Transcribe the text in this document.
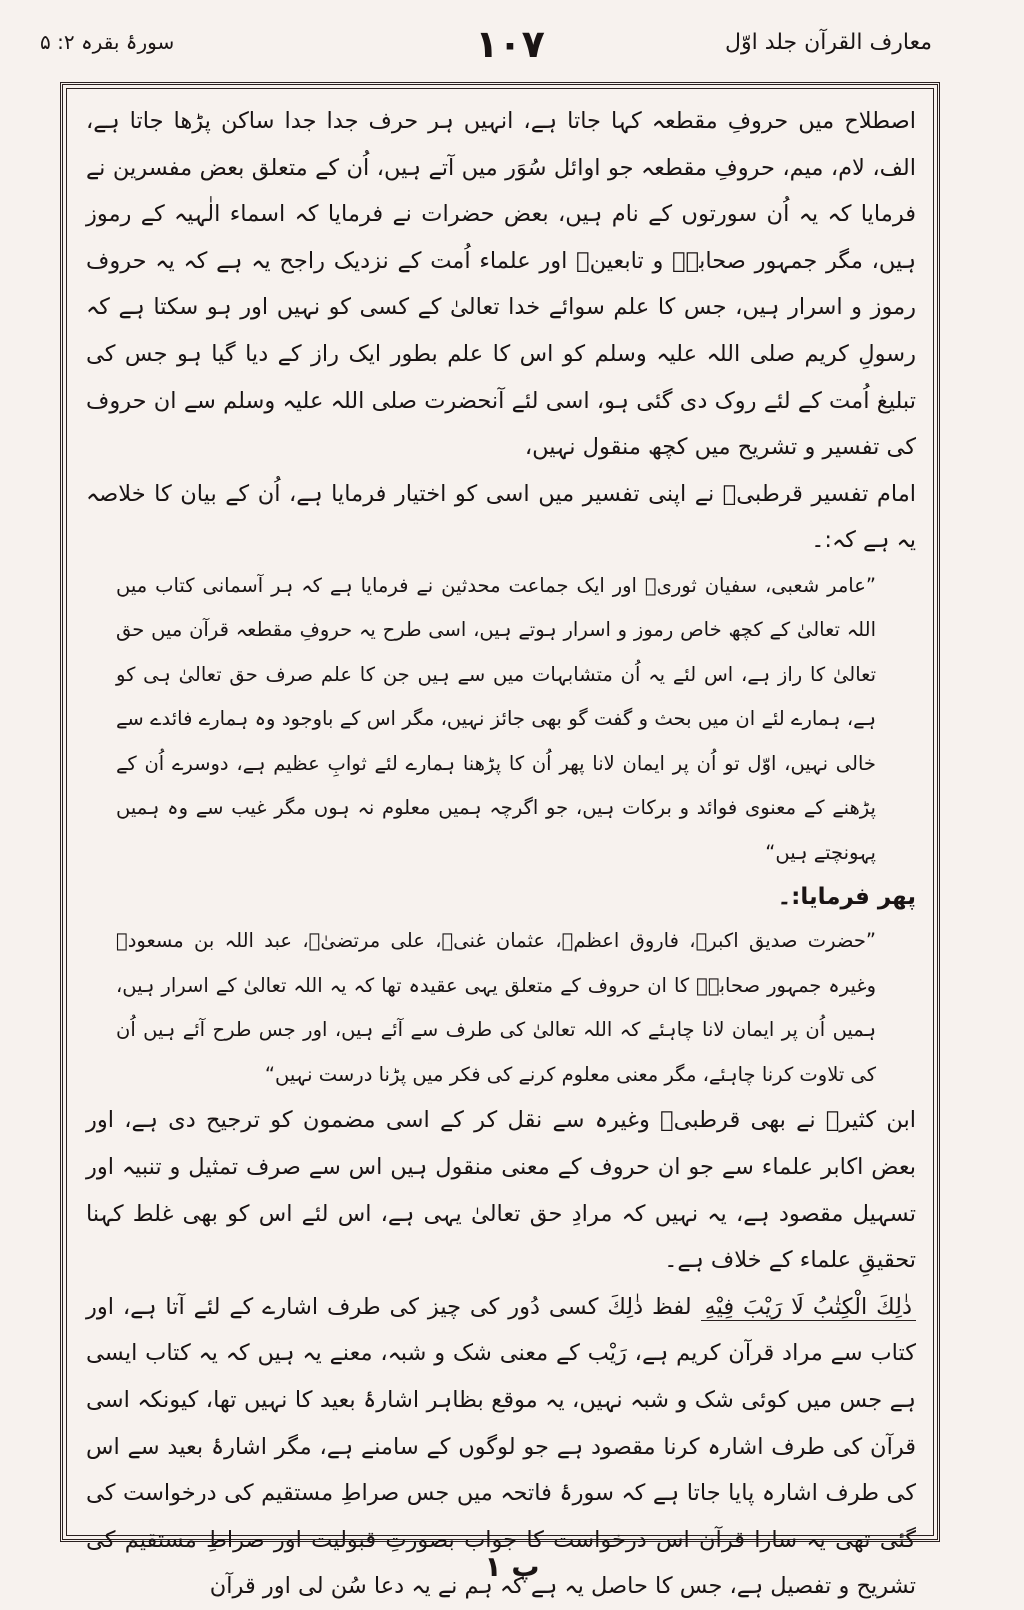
معارف القرآن جلد اوّل
۱۰۷
سورۂ بقرہ ۲: ۵

اصطلاح میں حروفِ مقطعہ کہا جاتا ہے، انہیں ہر حرف جدا جدا ساکن پڑھا جاتا ہے، الف، لام، میم، حروفِ مقطعہ جو اوائل سُوَر میں آتے ہیں، اُن کے متعلق بعض مفسرین نے فرمایا کہ یہ اُن سورتوں کے نام ہیں، بعض حضرات نے فرمایا کہ اسماء الٰہیہ کے رموز ہیں، مگر جمہور صحابہؓ و تابعینؒ اور علماء اُمت کے نزدیک راجح یہ ہے کہ یہ حروف رموز و اسرار ہیں، جس کا علم سوائے خدا تعالیٰ کے کسی کو نہیں اور ہو سکتا ہے کہ رسولِ کریم صلی اللہ علیہ وسلم کو اس کا علم بطور ایک راز کے دیا گیا ہو جس کی تبلیغ اُمت کے لئے روک دی گئی ہو، اسی لئے آنحضرت صلی اللہ علیہ وسلم سے ان حروف کی تفسیر و تشریح میں کچھ منقول نہیں،

امام تفسیر قرطبیؒ نے اپنی تفسیر میں اسی کو اختیار فرمایا ہے، اُن کے بیان کا خلاصہ یہ ہے کہ:۔

”عامر شعبی، سفیان ثوریؒ اور ایک جماعت محدثین نے فرمایا ہے کہ ہر آسمانی کتاب میں اللہ تعالیٰ کے کچھ خاص رموز و اسرار ہوتے ہیں، اسی طرح یہ حروفِ مقطعہ قرآن میں حق تعالیٰ کا راز ہے، اس لئے یہ اُن متشابہات میں سے ہیں جن کا علم صرف حق تعالیٰ ہی کو ہے، ہمارے لئے ان میں بحث و گفت گو بھی جائز نہیں، مگر اس کے باوجود وہ ہمارے فائدے سے خالی نہیں، اوّل تو اُن پر ایمان لانا پھر اُن کا پڑھنا ہمارے لئے ثوابِ عظیم ہے، دوسرے اُن کے پڑھنے کے معنوی فوائد و برکات ہیں، جو اگرچہ ہمیں معلوم نہ ہوں مگر غیب سے وہ ہمیں پہونچتے ہیں“

پھر فرمایا:۔

”حضرت صدیق اکبرؓ، فاروق اعظمؓ، عثمان غنیؓ، علی مرتضیٰؓ، عبد اللہ بن مسعودؓ وغیرہ جمہور صحابہؓ کا ان حروف کے متعلق یہی عقیدہ تھا کہ یہ اللہ تعالیٰ کے اسرار ہیں، ہمیں اُن پر ایمان لانا چاہئے کہ اللہ تعالیٰ کی طرف سے آئے ہیں، اور جس طرح آئے ہیں اُن کی تلاوت کرنا چاہئے، مگر معنی معلوم کرنے کی فکر میں پڑنا درست نہیں“

ابن کثیرؒ نے بھی قرطبیؒ وغیرہ سے نقل کر کے اسی مضمون کو ترجیح دی ہے، اور بعض اکابر علماء سے جو ان حروف کے معنی منقول ہیں اس سے صرف تمثیل و تنبیہ اور تسہیل مقصود ہے، یہ نہیں کہ مرادِ حق تعالیٰ یہی ہے، اس لئے اس کو بھی غلط کہنا تحقیقِ علماء کے خلاف ہے۔

ذٰلِكَ الْكِتٰبُ لَا رَيْبَ فِيْهِ لفظ ذٰلِكَ کسی دُور کی چیز کی طرف اشارے کے لئے آتا ہے، اور کتاب سے مراد قرآن کریم ہے، رَيْب کے معنی شک و شبہ، معنے یہ ہیں کہ یہ کتاب ایسی ہے جس میں کوئی شک و شبہ نہیں، یہ موقع بظاہر اشارۂ بعید کا نہیں تھا، کیونکہ اسی قرآن کی طرف اشارہ کرنا مقصود ہے جو لوگوں کے سامنے ہے، مگر اشارۂ بعید سے اس کی طرف اشارہ پایا جاتا ہے کہ سورۂ فاتحہ میں جس صراطِ مستقیم کی درخواست کی گئی تھی یہ سارا قرآن اس درخواست کا جواب بصورتِ قبولیت اور صراطِ مستقیم کی تشریح و تفصیل ہے، جس کا حاصل یہ ہے کہ ہم نے یہ دعا سُن لی اور قرآن

پ ۱
